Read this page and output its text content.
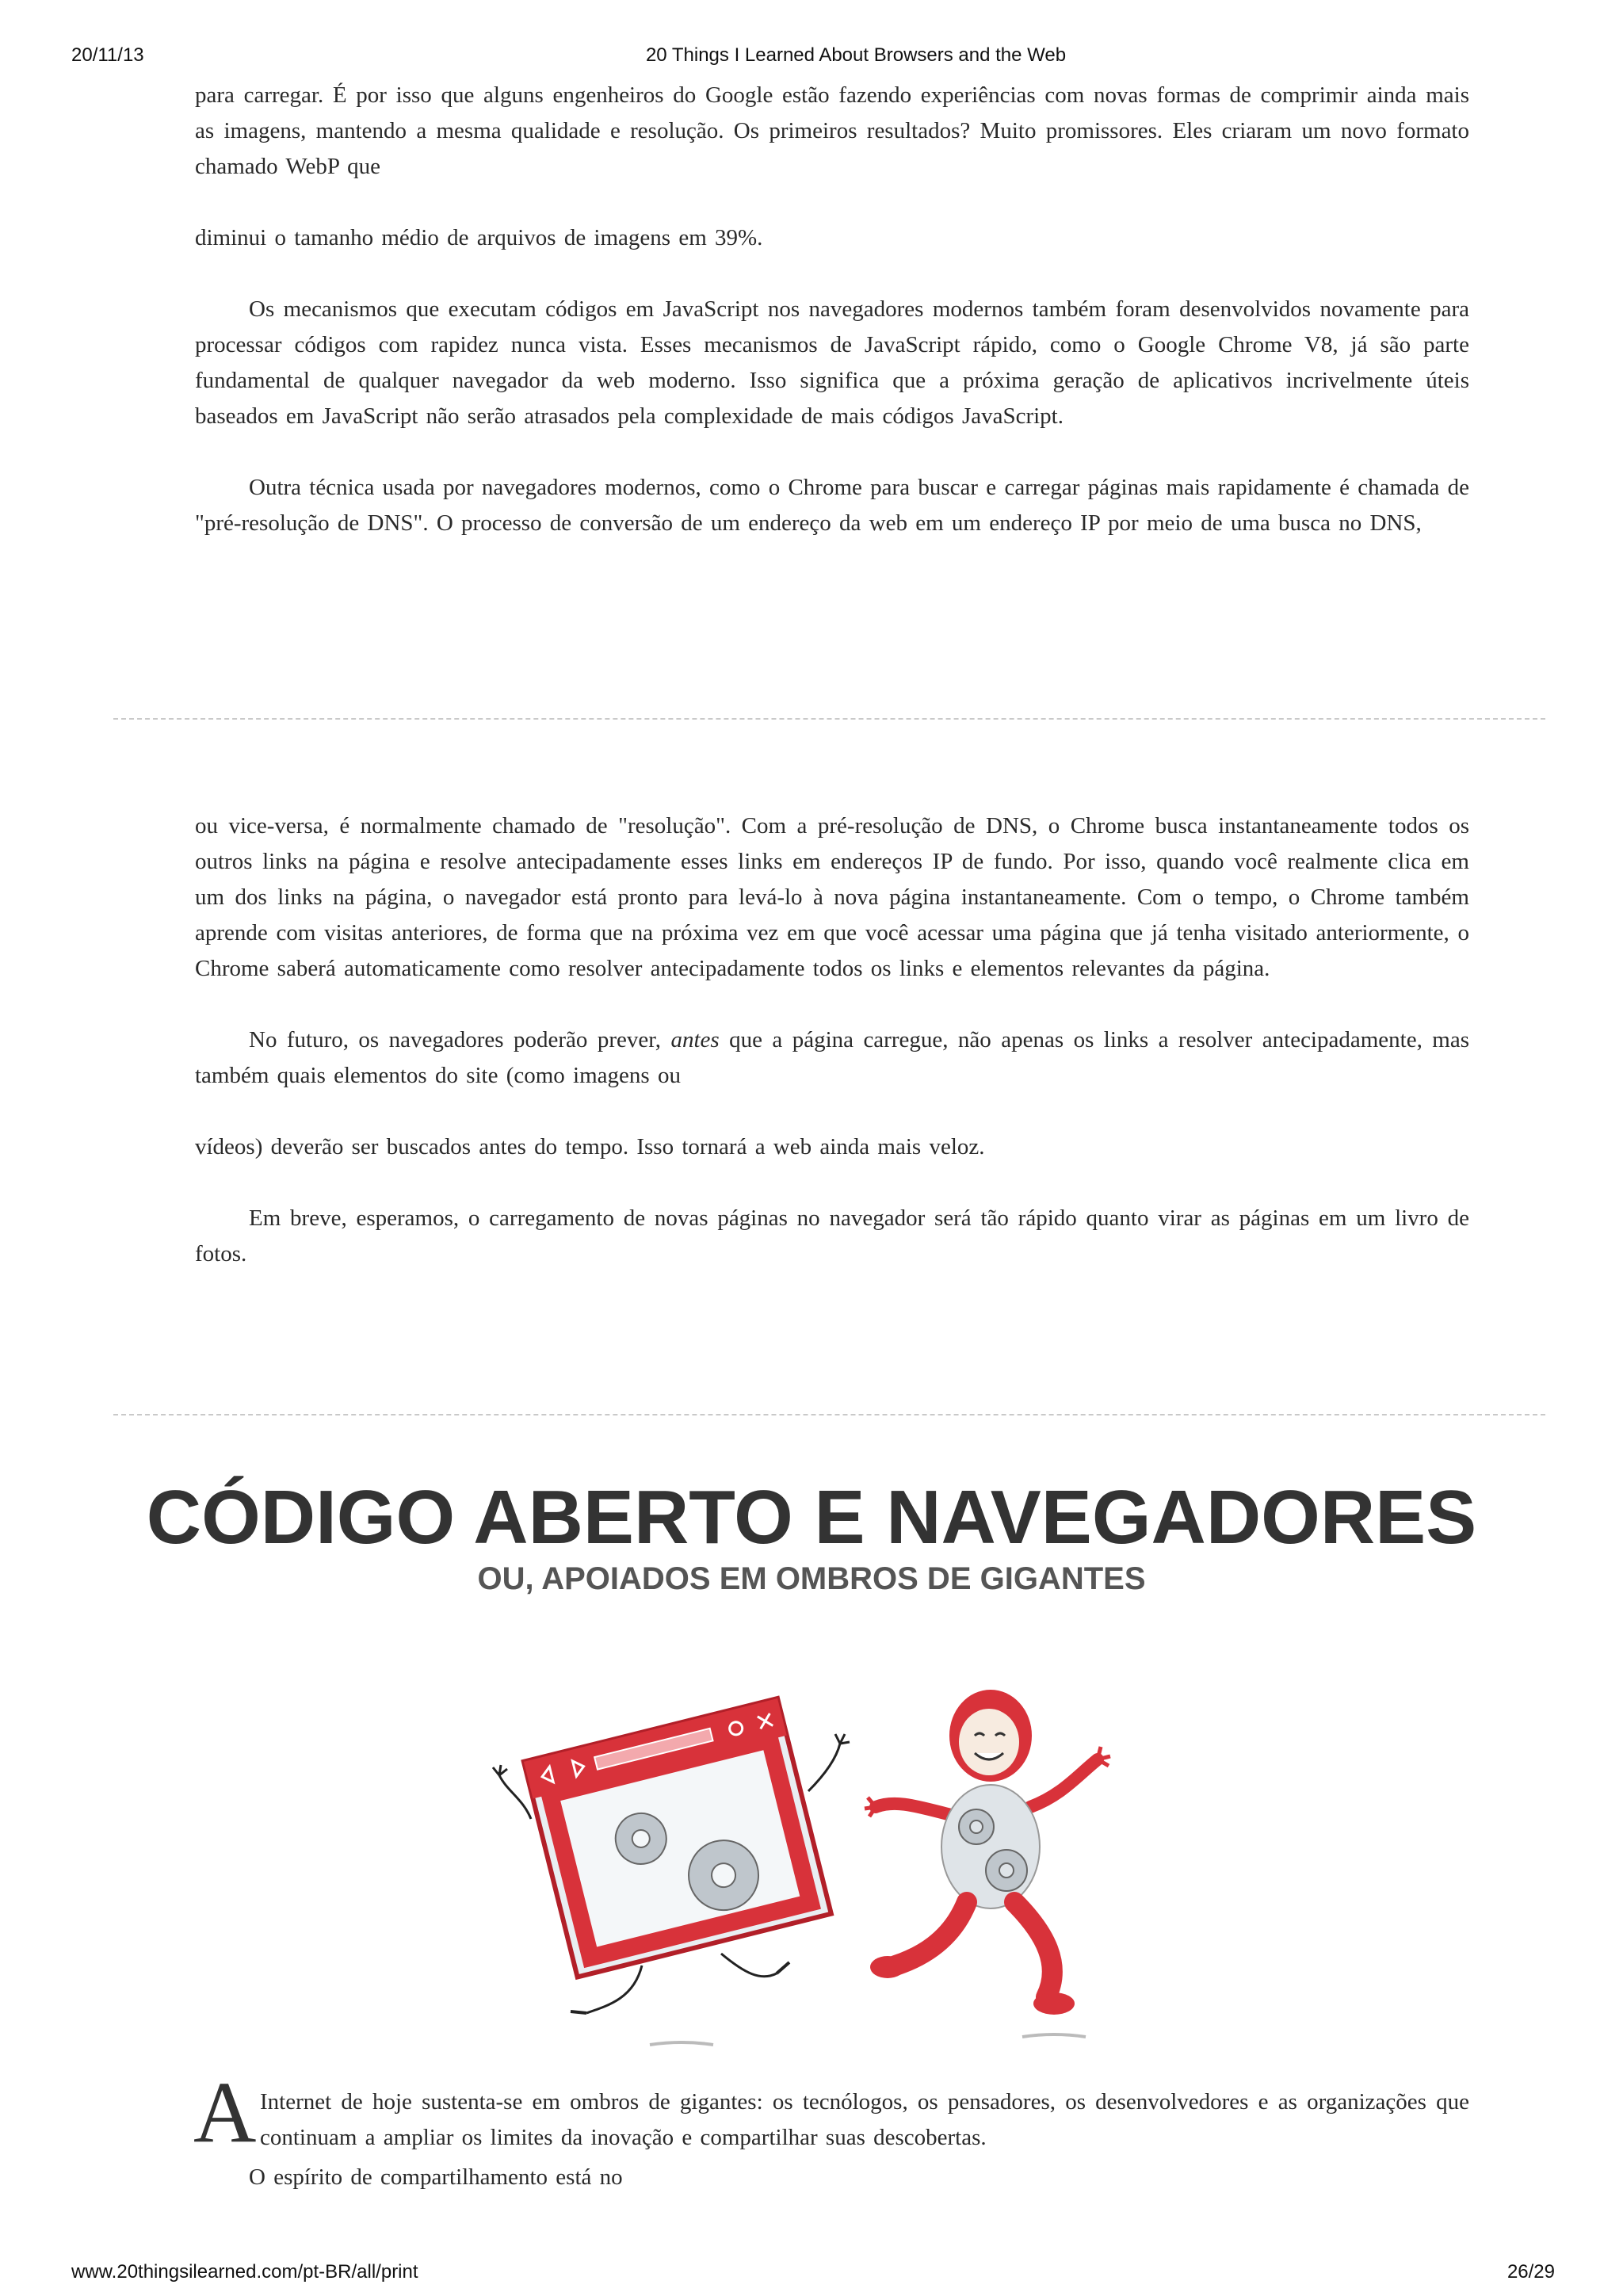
20/11/13	20 Things I Learned About Browsers and the Web

para carregar. É por isso que alguns engenheiros do Google estão fazendo experiências com novas formas de comprimir ainda mais as imagens, mantendo a mesma qualidade e resolução. Os primeiros resultados? Muito promissores. Eles criaram um novo formato chamado WebP que

diminui o tamanho médio de arquivos de imagens em 39%.

Os mecanismos que executam códigos em JavaScript nos navegadores modernos também foram desenvolvidos novamente para processar códigos com rapidez nunca vista. Esses mecanismos de JavaScript rápido, como o Google Chrome V8, já são parte fundamental de qualquer navegador da web moderno. Isso significa que a próxima geração de aplicativos incrivelmente úteis baseados em JavaScript não serão atrasados pela complexidade de mais códigos JavaScript.

Outra técnica usada por navegadores modernos, como o Chrome para buscar e carregar páginas mais rapidamente é chamada de "pré-resolução de DNS". O processo de conversão de um endereço da web em um endereço IP por meio de uma busca no DNS,

ou vice-versa, é normalmente chamado de "resolução". Com a pré-resolução de DNS, o Chrome busca instantaneamente todos os outros links na página e resolve antecipadamente esses links em endereços IP de fundo. Por isso, quando você realmente clica em um dos links na página, o navegador está pronto para levá-lo à nova página instantaneamente. Com o tempo, o Chrome também aprende com visitas anteriores, de forma que na próxima vez em que você acessar uma página que já tenha visitado anteriormente, o Chrome saberá automaticamente como resolver antecipadamente todos os links e elementos relevantes da página.

No futuro, os navegadores poderão prever, antes que a página carregue, não apenas os links a resolver antecipadamente, mas também quais elementos do site (como imagens ou

vídeos) deverão ser buscados antes do tempo. Isso tornará a web ainda mais veloz.

Em breve, esperamos, o carregamento de novas páginas no navegador será tão rápido quanto virar as páginas em um livro de fotos.

CÓDIGO ABERTO E NAVEGADORES
OU, APOIADOS EM OMBROS DE GIGANTES
A Internet de hoje sustenta-se em ombros de gigantes: os tecnólogos, os pensadores, os desenvolvedores e as organizações que continuam a ampliar os limites da inovação e compartilhar suas descobertas.

O espírito de compartilhamento está no

www.20thingsilearned.com/pt-BR/all/print	26/29
